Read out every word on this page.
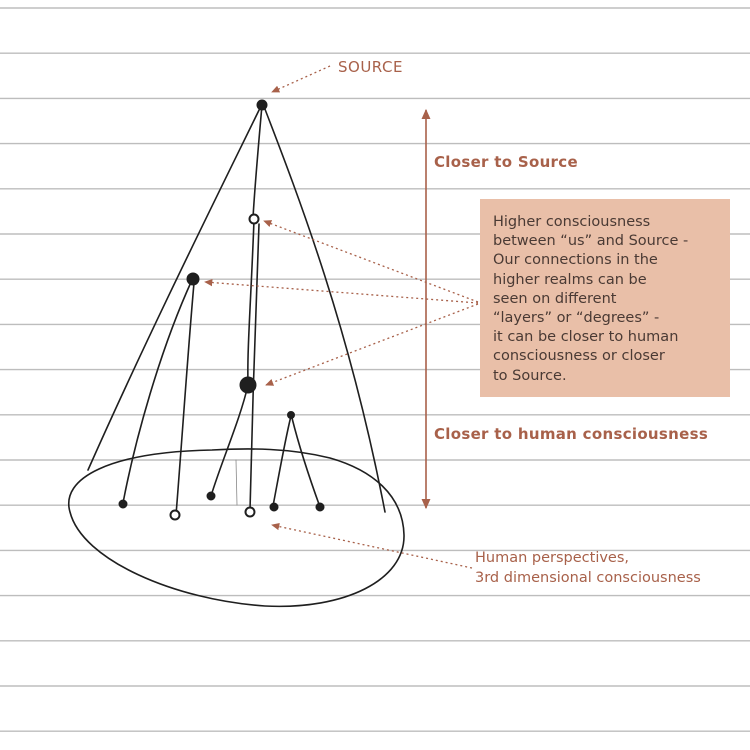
SOURCE
Closer to Source
Closer to human consciousness
Higher consciousness
between “us” and Source -
Our connections in the
higher realms can be
seen on different
“layers” or “degrees” -
it can be closer to human
consciousness or closer
to Source.
Human perspectives,
3rd dimensional consciousness
